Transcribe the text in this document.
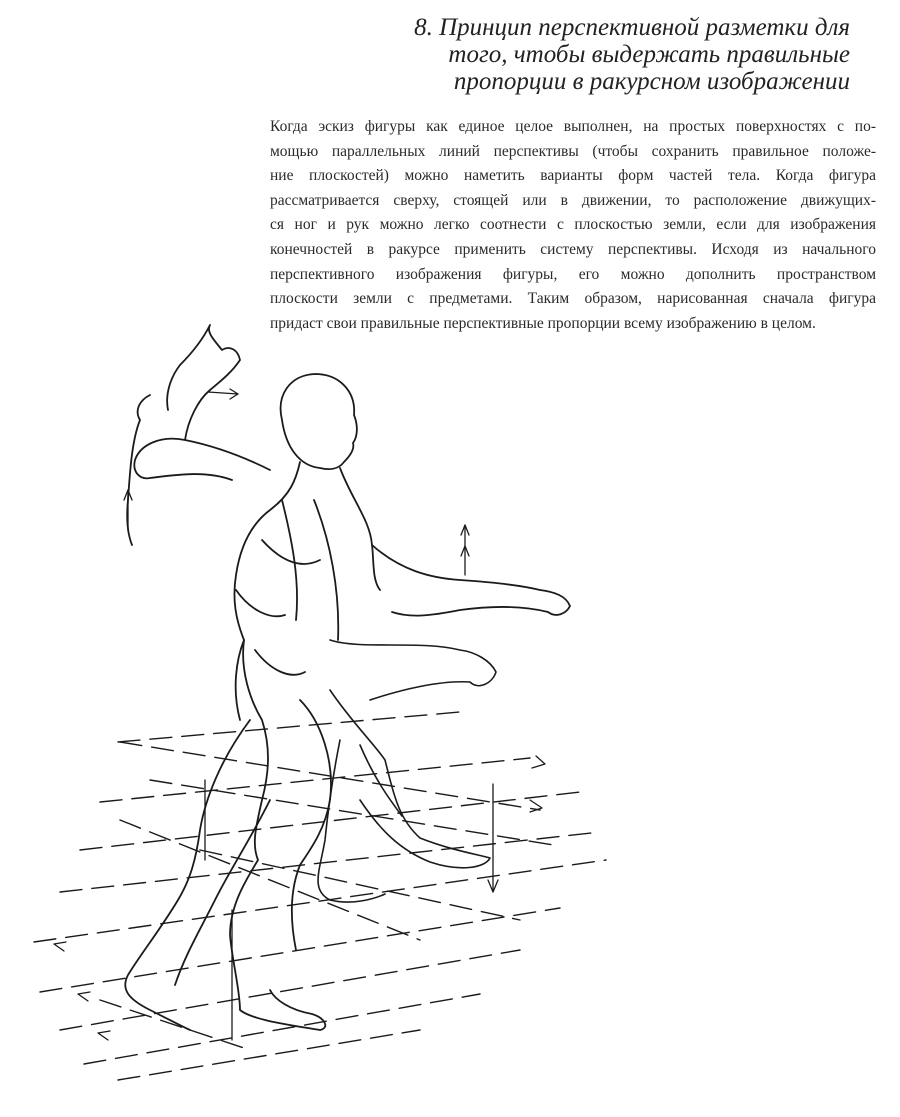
8. Принцип перспективной разметки для
того, чтобы выдержать правильные
пропорции в ракурсном изображении
Когда эскиз фигуры как единое целое выполнен, на простых поверхностях с по-
мощью параллельных линий перспективы (чтобы сохранить правильное положе-
ние плоскостей) можно наметить варианты форм частей тела. Когда фигура
рассматривается сверху, стоящей или в движении, то расположение движущих-
ся ног и рук можно легко соотнести с плоскостью земли, если для изображения
конечностей в ракурсе применить систему перспективы. Исходя из начального
перспективного изображения фигуры, его можно дополнить пространством
плоскости земли с предметами. Таким образом, нарисованная сначала фигура
придаст свои правильные перспективные пропорции всему изображению в целом.
